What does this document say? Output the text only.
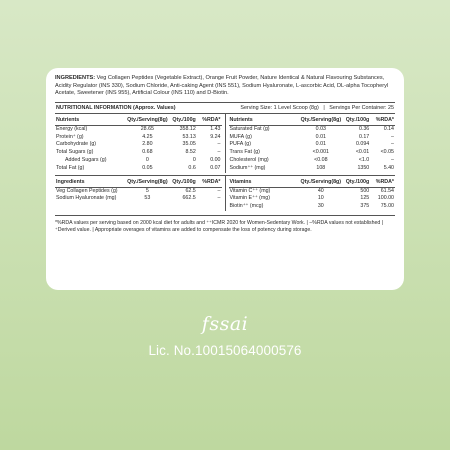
INGREDIENTS: Veg Collagen Peptides (Vegetable Extract), Orange Fruit Powder, Nature Identical & Natural Flavouring Substances, Acidity Regulator (INS 330), Sodium Chloride, Anti-caking Agent (INS 551), Sodium Hyaluronate, L-ascorbic Acid, DL-alpha Tocopheryl Acetate, Sweetener (INS 955), Artificial Colour (INS 110) and D-Biotin.

NUTRITIONAL INFORMATION (Approx. Values)	Serving Size: 1 Level Scoop (8g) | Servings Per Container: 25
Nutrients	Qty./Serving(8g)	Qty./100g	%RDA*
Energy (kcal)	28.65	358.12	1.43
Protein⁺ (g)	4.25	53.13	9.24
Carbohydrate (g)	2.80	35.05	–
Total Sugars (g)	0.68	8.52	–
Added Sugars (g)	0	0	0.00
Total Fat (g)	0.05	0.6	0.07
Nutrients	Qty./Serving(8g)	Qty./100g	%RDA*
Saturated Fat (g)	0.03	0.36	0.14
MUFA (g)	0.01	0.17	–
PUFA (g)	0.01	0.094	–
Trans Fat (g)	<0.001	<0.01	<0.05
Cholesterol (mg)	<0.08	<1.0	–
Sodium⁺⁺ (mg)	108	1350	5.40
Ingredients	Qty./Serving(8g)	Qty./100g	%RDA*
Veg Collagen Peptides (g)	5	62.5	–
Sodium Hyaluronate (mg)	53	662.5	–
Vitamins	Qty./Serving(8g)	Qty./100g	%RDA*
Vitamin C⁺⁺ (mg)	40	500	61.54
Vitamin E⁺⁺ (mg)	10	125	100.00
Biotin⁺⁺ (mcg)	30	375	75.00
*%RDA values per serving based on 2000 kcal diet for adults and ⁺⁺ICMR 2020 for Women-Sedentary Work. | –%RDA values not established | ⁺Derived value. | Appropriate overages of vitamins are added to compensate the loss of potency during storage.
fssai
Lic. No.10015064000576
